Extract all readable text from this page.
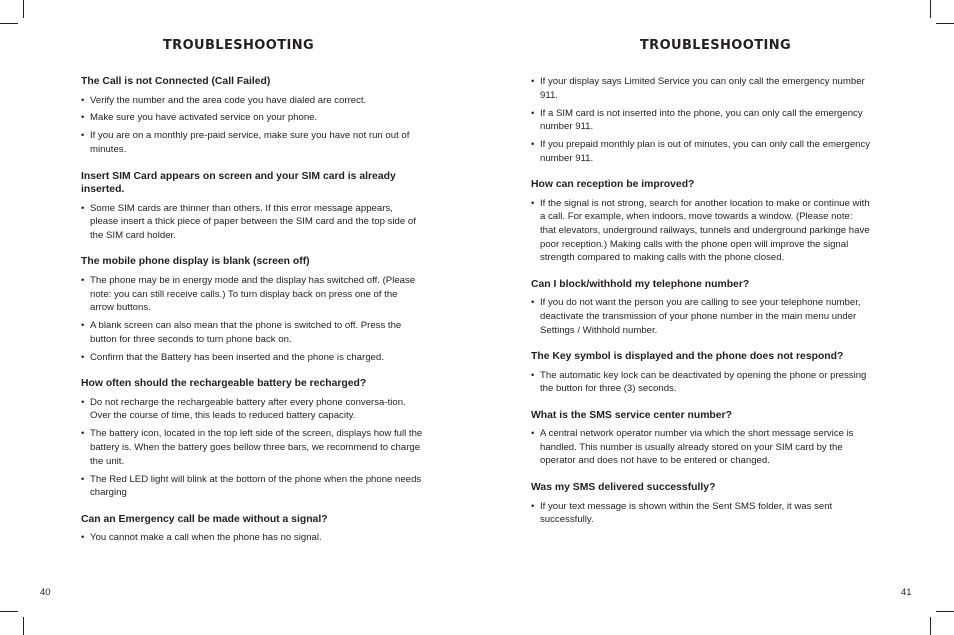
TROUBLESHOOTING
The Call is not Connected (Call Failed)
• Verify the number and the area code you have dialed are correct.
• Make sure you have activated service on your phone.
• If you are on a monthly pre-paid service, make sure you have not run out of minutes.
Insert SIM Card appears on screen and your SIM card is already inserted.
• Some SIM cards are thinner than others. If this error message appears, please insert a thick piece of paper between the SIM card and the top side of the SIM card holder.
The mobile phone display is blank (screen off)
• The phone may be in energy mode and the display has switched off. (Please note: you can still receive calls.) To turn display back on press one of the arrow buttons.
• A blank screen can also mean that the phone is switched to off. Press the button for three seconds to turn phone back on.
• Confirm that the Battery has been inserted and the phone is charged.
How often should the rechargeable battery be recharged?
• Do not recharge the rechargeable battery after every phone conversa-tion. Over the course of time, this leads to reduced battery capacity.
• The battery icon, located in the top left side of the screen, displays how full the battery is. When the battery goes bellow three bars, we recommend to charge the unit.
• The Red LED light will blink at the bottom of the phone when the phone needs charging
Can an Emergency call be made without a signal?
• You cannot make a call when the phone has no signal.
TROUBLESHOOTING
• If your display says Limited Service you can only call the emergency number 911.
• If a SIM card is not inserted into the phone, you can only call the emergency number 911.
• If you prepaid monthly plan is out of minutes, you can only call the emergency number 911.
How can reception be improved?
• If the signal is not strong, search for another location to make or continue with a call. For example, when indoors, move towards a window. (Please note: that elevators, underground railways, tunnels and underground parkinge have poor reception.) Making calls with the phone open will improve the signal strength compared to making calls with the phone closed.
Can I block/withhold my telephone number?
• If you do not want the person you are calling to see your telephone number, deactivate the transmission of your phone number in the main menu under Settings / Withhold number.
The Key symbol is displayed and the phone does not respond?
• The automatic key lock can be deactivated by opening the phone or pressing the button for three (3) seconds.
What is the SMS service center number?
• A central network operator number via which the short message service is handled. This number is usually already stored on your SIM card by the operator and does not have to be entered or changed.
Was my SMS delivered successfully?
• If your text message is shown within the Sent SMS folder, it was sent successfully.
40	41
